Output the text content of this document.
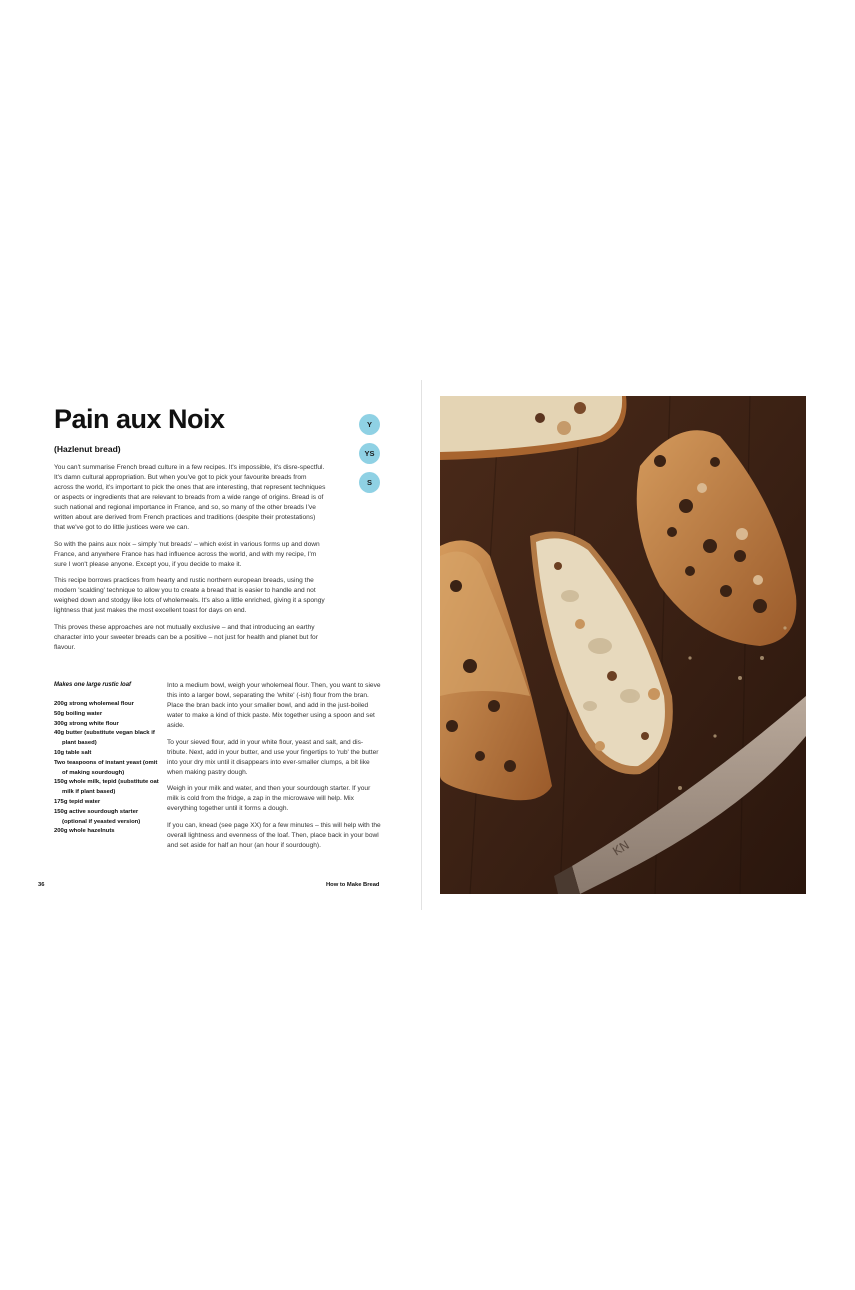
Pain aux Noix
(Hazlenut bread)
Y
YS
S

You can't summarise French bread culture in a few recipes. It's impossible, it's disre-spectful. It's damn cultural appropriation. But when you've got to pick your favourite breads from across the world, it's important to pick the ones that are interesting, that represent techniques or aspects or ingredients that are relevant to breads from a wide range of origins. Bread is of such national and regional importance in France, and so, so many of the other breads I've written about are derived from French practices and traditions (despite their protestations) that we've got to do little justices were we can.

So with the pains aux noix – simply 'nut breads' – which exist in various forms up and down France, and anywhere France has had influence across the world, and with my recipe, I'm sure I won't please anyone. Except you, if you decide to make it.

This recipe borrows practices from hearty and rustic northern european breads, using the modern 'scalding' technique to allow you to create a bread that is easier to handle and not weighed down and stodgy like lots of wholemeals. It's also a little enriched, giving it a spongy lightness that just makes the most excellent toast for days on end.

This proves these approaches are not mutually exclusive – and that introducing an earthy character into your sweeter breads can be a positive – not just for health and planet but for flavour.

Makes one large rustic loaf
200g strong wholemeal flour
50g boiling water
300g strong white flour
40g butter (substitute vegan black if plant based)
10g table salt
Two teaspoons of instant yeast (omit of making sourdough)
150g whole milk, tepid (substitute oat milk if plant based)
175g tepid water
150g active sourdough starter (optional if yeasted version)
200g whole hazelnuts

Into a medium bowl, weigh your wholemeal flour. Then, you want to sieve this into a larger bowl, separating the 'white' (-ish) flour from the bran. Place the bran back into your smaller bowl, and add in the just-boiled water to make a kind of thick paste. Mix together using a spoon and set aside.

To your sieved flour, add in your white flour, yeast and salt, and dis-tribute. Next, add in your butter, and use your fingertips to 'rub' the butter into your dry mix until it disappears into ever-smaller clumps, a bit like when making pastry dough.

Weigh in your milk and water, and then your sourdough starter. If your milk is cold from the fridge, a zap in the microwave will help. Mix everything together until it forms a dough.

If you can, knead (see page XX) for a few minutes – this will help with the overall lightness and evenness of the loaf. Then, place back in your bowl and set aside for half an hour (an hour if sourdough).

36	How to Make Bread
KN
